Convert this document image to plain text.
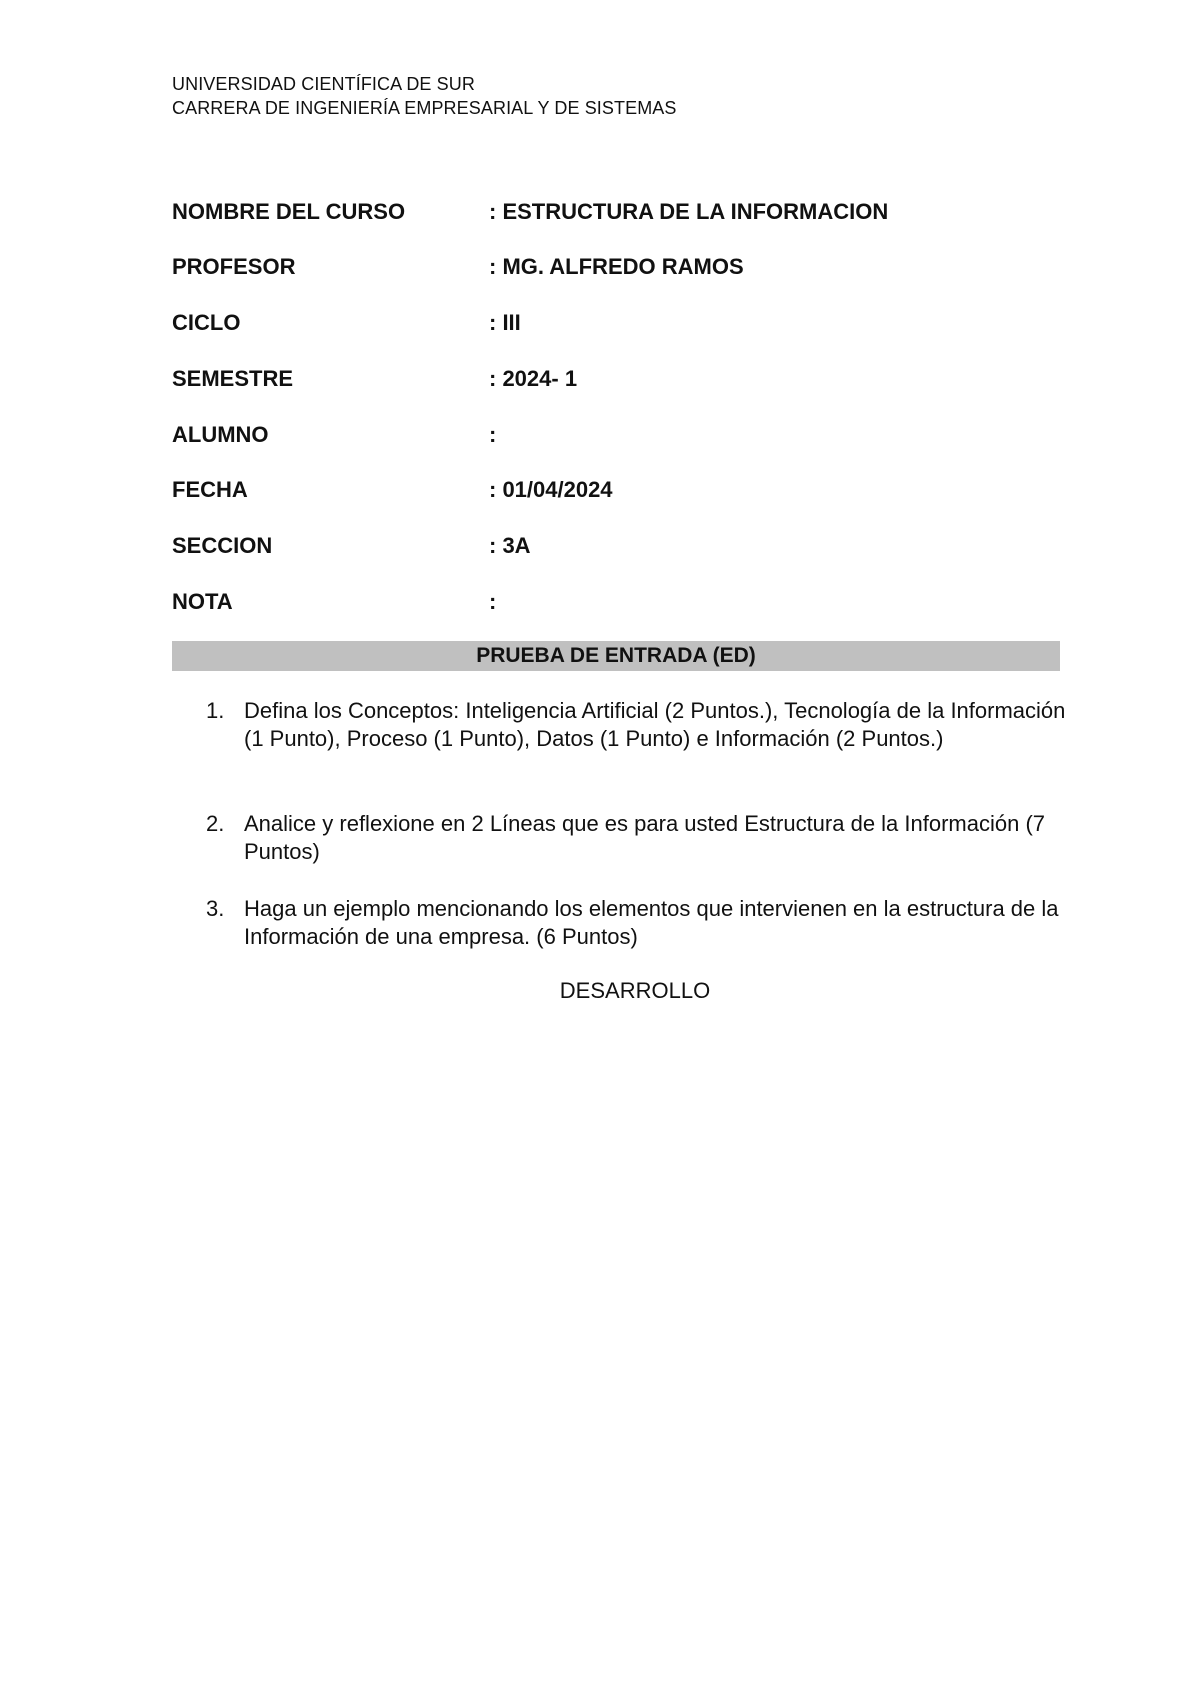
UNIVERSIDAD CIENTÍFICA DE SUR
CARRERA DE INGENIERÍA EMPRESARIAL Y DE SISTEMAS
NOMBRE DEL CURSO	: ESTRUCTURA DE LA INFORMACION
PROFESOR	: MG. ALFREDO RAMOS
CICLO	: III
SEMESTRE	: 2024- 1
ALUMNO	:
FECHA	: 01/04/2024
SECCION	: 3A
NOTA	:
PRUEBA DE ENTRADA (ED)
1. Defina los Conceptos: Inteligencia Artificial (2 Puntos.), Tecnología de la Información (1 Punto), Proceso (1 Punto), Datos (1 Punto) e Información (2 Puntos.)
2. Analice y reflexione en 2 Líneas que es para usted Estructura de la Información (7 Puntos)
3. Haga un ejemplo mencionando los elementos que intervienen en la estructura de la Información de una empresa. (6 Puntos)
DESARROLLO
